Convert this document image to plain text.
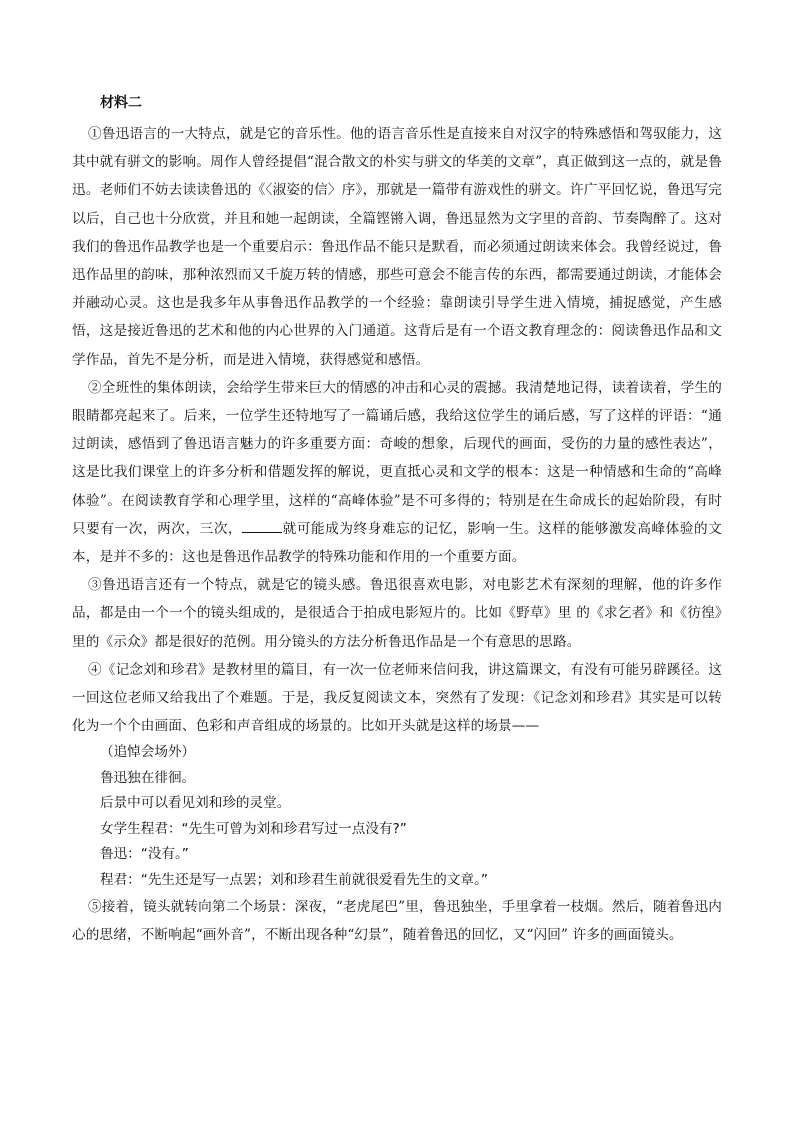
材料二

①鲁迅语言的一大特点，就是它的音乐性。他的语言音乐性是直接来自对汉字的特殊感悟和驾驭能力，这其中就有骈文的影响。周作人曾经提倡“混合散文的朴实与骈文的华美的文章”，真正做到这一点的，就是鲁迅。老师们不妨去读读鲁迅的《〈淑姿的信〉序》，那就是一篇带有游戏性的骈文。许广平回忆说，鲁迅写完以后，自己也十分欣赏，并且和她一起朗读，全篇铿锵入调，鲁迅显然为文字里的音韵、节奏陶醉了。这对我们的鲁迅作品教学也是一个重要启示：鲁迅作品不能只是默看，而必须通过朗读来体会。我曾经说过，鲁迅作品里的韵味，那种浓烈而又千旋万转的情感，那些可意会不能言传的东西，都需要通过朗读，才能体会并融动心灵。这也是我多年从事鲁迅作品教学的一个经验：靠朗读引导学生进入情境，捕捉感觉，产生感悟，这是接近鲁迅的艺术和他的内心世界的入门通道。这背后是有一个语文教育理念的：阅读鲁迅作品和文学作品，首先不是分析，而是进入情境，获得感觉和感悟。

②全班性的集体朗读，会给学生带来巨大的情感的冲击和心灵的震撼。我清楚地记得，读着读着，学生的眼睛都亮起来了。后来，一位学生还特地写了一篇诵后感，我给这位学生的诵后感，写了这样的评语：“通过朗读，感悟到了鲁迅语言魅力的许多重要方面：奇峻的想象，后现代的画面，受伤的力量的感性表达”，这是比我们课堂上的许多分析和借题发挥的解说，更直抵心灵和文学的根本：这是一种情感和生命的“高峰体验”。在阅读教育学和心理学里，这样的“高峰体验”是不可多得的；特别是在生命成长的起始阶段，有时只要有一次，两次，三次，	就可能成为终身难忘的记忆，影响一生。这样的能够激发高峰体验的文本，是并不多的：这也是鲁迅作品教学的特殊功能和作用的一个重要方面。

③鲁迅语言还有一个特点，就是它的镜头感。鲁迅很喜欢电影，对电影艺术有深刻的理解，他的许多作品，都是由一个一个的镜头组成的，是很适合于拍成电影短片的。比如《野草》里 的《求乞者》和《彷徨》里的《示众》都是很好的范例。用分镜头的方法分析鲁迅作品是一个有意思的思路。

④《记念刘和珍君》是教材里的篇目，有一次一位老师来信问我，讲这篇课文，有没有可能另辟蹊径。这一回这位老师又给我出了个难题。于是，我反复阅读文本，突然有了发现：《记念刘和珍君》其实是可以转化为一个个由画面、色彩和声音组成的场景的。比如开头就是这样的场景——

（追悼会场外）

鲁迅独在徘徊。

后景中可以看见刘和珍的灵堂。

女学生程君：“先生可曾为刘和珍君写过一点没有?”

鲁迅：“没有。”

程君：“先生还是写一点罢；刘和珍君生前就很爱看先生的文章。”

⑤接着，镜头就转向第二个场景：深夜，“老虎尾巴”里，鲁迅独坐，手里拿着一枝烟。然后，随着鲁迅内心的思绪，不断响起“画外音”，不断出现各种“幻景”，随着鲁迅的回忆，又“闪回” 许多的画面镜头。
